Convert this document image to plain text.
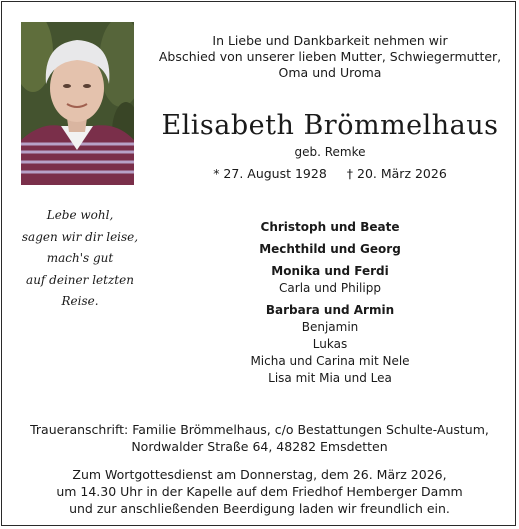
In Liebe und Dankbarkeit nehmen wir
Abschied von unserer lieben Mutter, Schwiegermutter,
Oma und Uroma
Elisabeth Brömmelhaus
geb. Remke
* 27. August 1928 † 20. März 2026
Lebe wohl,
sagen wir dir leise,
mach's gut
auf deiner letzten
Reise.
Christoph und Beate
Mechthild und Georg
Monika und Ferdi
Carla und Philipp
Barbara und Armin
Benjamin
Lukas
Micha und Carina mit Nele
Lisa mit Mia und Lea
Traueranschrift: Familie Brömmelhaus, c/o Bestattungen Schulte-Austum,
Nordwalder Straße 64, 48282 Emsdetten
Zum Wortgottesdienst am Donnerstag, dem 26. März 2026,
um 14.30 Uhr in der Kapelle auf dem Friedhof Hemberger Damm
und zur anschließenden Beerdigung laden wir freundlich ein.
